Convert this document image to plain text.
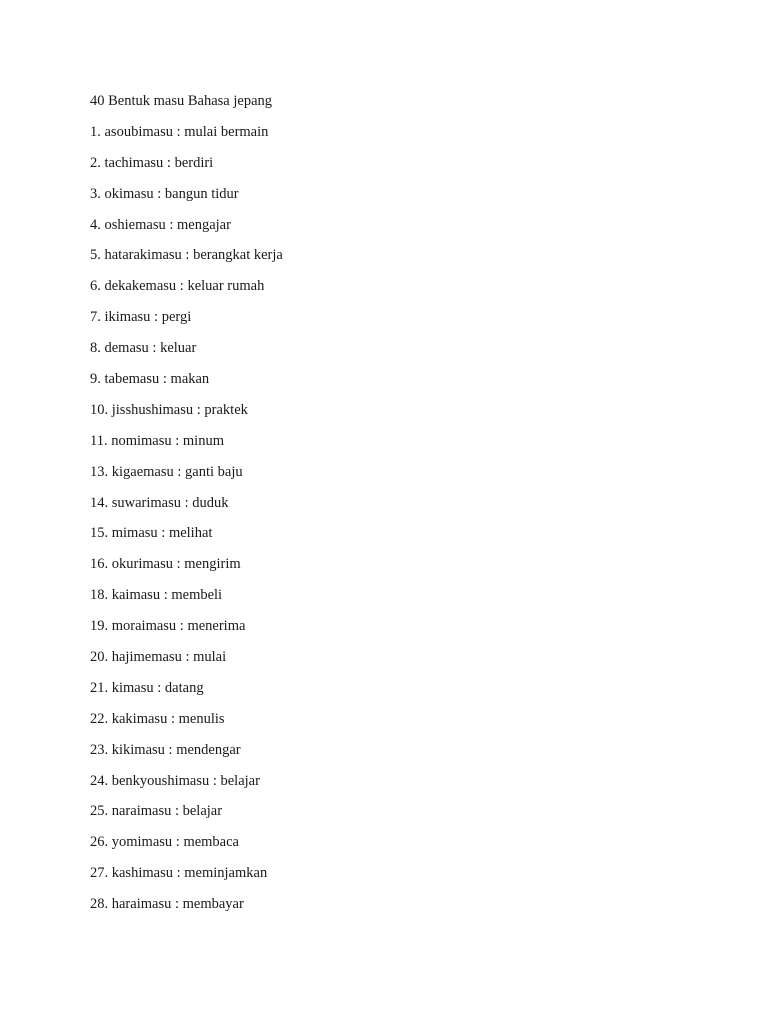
40 Bentuk masu Bahasa jepang
1. asoubimasu : mulai bermain
2. tachimasu : berdiri
3. okimasu : bangun tidur
4. oshiemasu : mengajar
5. hatarakimasu : berangkat kerja
6. dekakemasu : keluar rumah
7. ikimasu : pergi
8. demasu : keluar
9. tabemasu : makan
10. jisshushimasu : praktek
11. nomimasu : minum
13. kigaemasu : ganti baju
14. suwarimasu : duduk
15. mimasu : melihat
16. okurimasu : mengirim
18. kaimasu : membeli
19. moraimasu : menerima
20. hajimemasu : mulai
21. kimasu : datang
22. kakimasu : menulis
23. kikimasu : mendengar
24. benkyoushimasu : belajar
25. naraimasu : belajar
26. yomimasu : membaca
27. kashimasu : meminjamkan
28. haraimasu : membayar
